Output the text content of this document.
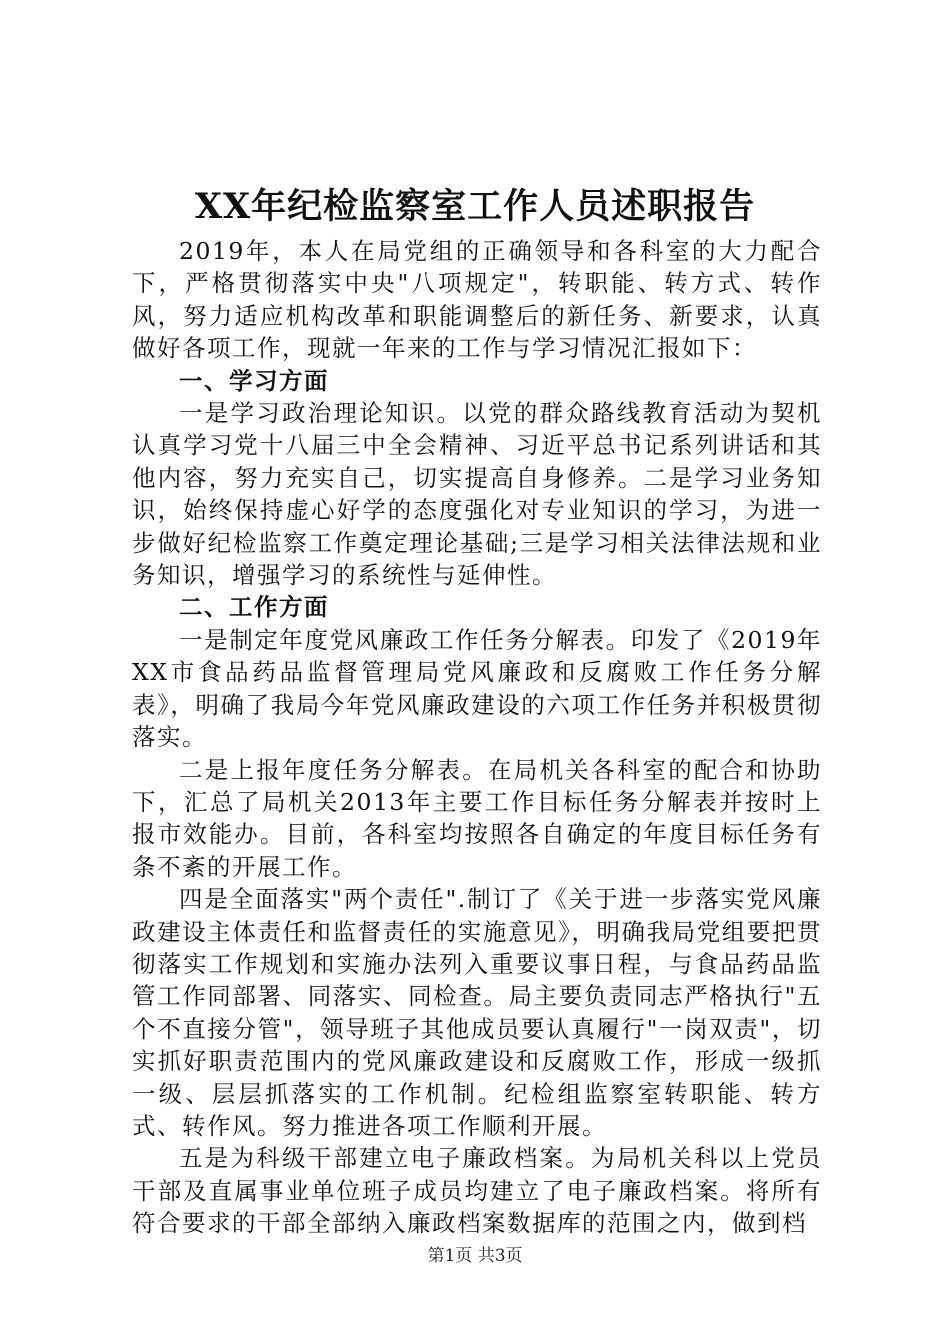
XX年纪检监察室工作人员述职报告

2019年，本人在局党组的正确领导和各科室的大力配合下，严格贯彻落实中央"八项规定"，转职能、转方式、转作风，努力适应机构改革和职能调整后的新任务、新要求，认真做好各项工作，现就一年来的工作与学习情况汇报如下：

一、学习方面

一是学习政治理论知识。以党的群众路线教育活动为契机认真学习党十八届三中全会精神、习近平总书记系列讲话和其他内容，努力充实自己，切实提高自身修养。二是学习业务知识，始终保持虚心好学的态度强化对专业知识的学习，为进一步做好纪检监察工作奠定理论基础;三是学习相关法律法规和业务知识，增强学习的系统性与延伸性。

二、工作方面

一是制定年度党风廉政工作任务分解表。印发了《2019年XX市食品药品监督管理局党风廉政和反腐败工作任务分解表》，明确了我局今年党风廉政建设的六项工作任务并积极贯彻落实。

二是上报年度任务分解表。在局机关各科室的配合和协助下，汇总了局机关2013年主要工作目标任务分解表并按时上报市效能办。目前，各科室均按照各自确定的年度目标任务有条不紊的开展工作。

四是全面落实"两个责任".制订了《关于进一步落实党风廉政建设主体责任和监督责任的实施意见》，明确我局党组要把贯彻落实工作规划和实施办法列入重要议事日程，与食品药品监管工作同部署、同落实、同检查。局主要负责同志严格执行"五个不直接分管"，领导班子其他成员要认真履行"一岗双责"，切实抓好职责范围内的党风廉政建设和反腐败工作，形成一级抓一级、层层抓落实的工作机制。纪检组监察室转职能、转方式、转作风。努力推进各项工作顺利开展。

五是为科级干部建立电子廉政档案。为局机关科以上党员干部及直属事业单位班子成员均建立了电子廉政档案。将所有符合要求的干部全部纳入廉政档案数据库的范围之内，做到档

第1页 共3页
